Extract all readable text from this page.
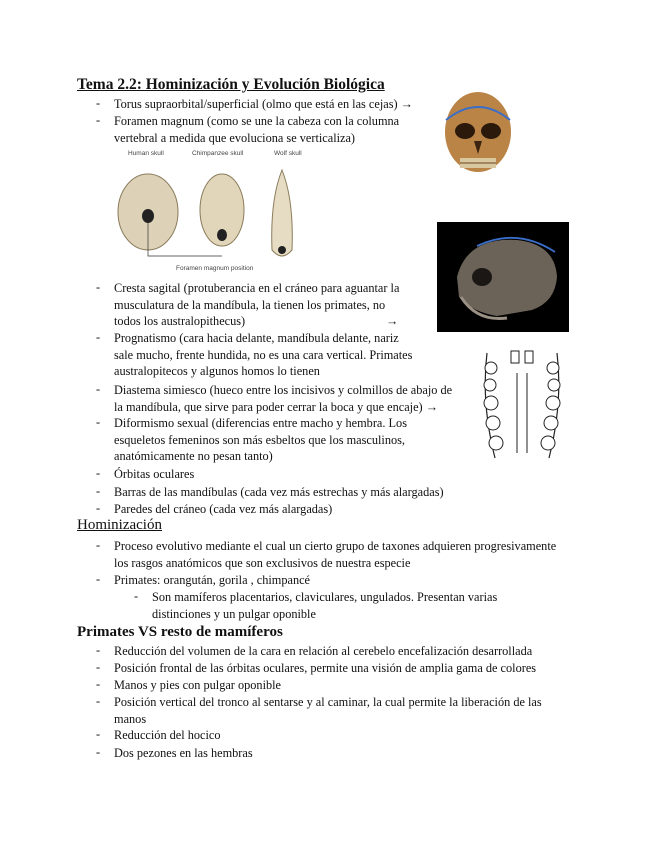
Tema 2.2: Hominización y Evolución Biológica
- Torus supraorbital/superficial (olmo que está en las cejas) →
- Foramen magnum (como se une la cabeza con la columna
vertebral a medida que evoluciona se verticaliza)
- Cresta sagital (protuberancia en el cráneo para aguantar la
musculatura de la mandíbula, la tienen los primates, no
todos los australopithecus)	→
- Prognatismo (cara hacia delante, mandíbula delante, nariz
sale mucho, frente hundida, no es una cara vertical. Primates
australopitecos y algunos homos lo tienen
- Diastema simiesco (hueco entre los incisivos y colmillos de abajo de
la mandíbula, que sirve para poder cerrar la boca y que encaje) →
- Diformismo sexual (diferencias entre macho y hembra. Los
esqueletos femeninos son más esbeltos que los masculinos,
anatómicamente no pesan tanto)
- Órbitas oculares
- Barras de las mandíbulas (cada vez más estrechas y más alargadas)
- Paredes del cráneo (cada vez más alargadas)
Hominización
- Proceso evolutivo mediante el cual un cierto grupo de taxones adquieren progresivamente
los rasgos anatómicos que son exclusivos de nuestra especie
- Primates: orangután, gorila , chimpancé
- Son mamíferos placentarios, claviculares, ungulados. Presentan varias
distinciones y un pulgar oponible
Primates VS resto de mamíferos
- Reducción del volumen de la cara en relación al cerebelo encefalización desarrollada
- Posición frontal de las órbitas oculares, permite una visión de amplia gama de colores
- Manos y pies con pulgar oponible
- Posición vertical del tronco al sentarse y al caminar, la cual permite la liberación de las
manos
- Reducción del hocico
- Dos pezones en las hembras
Human skull	Chimpanzee skull	Wolf skull
Foramen magnum position
